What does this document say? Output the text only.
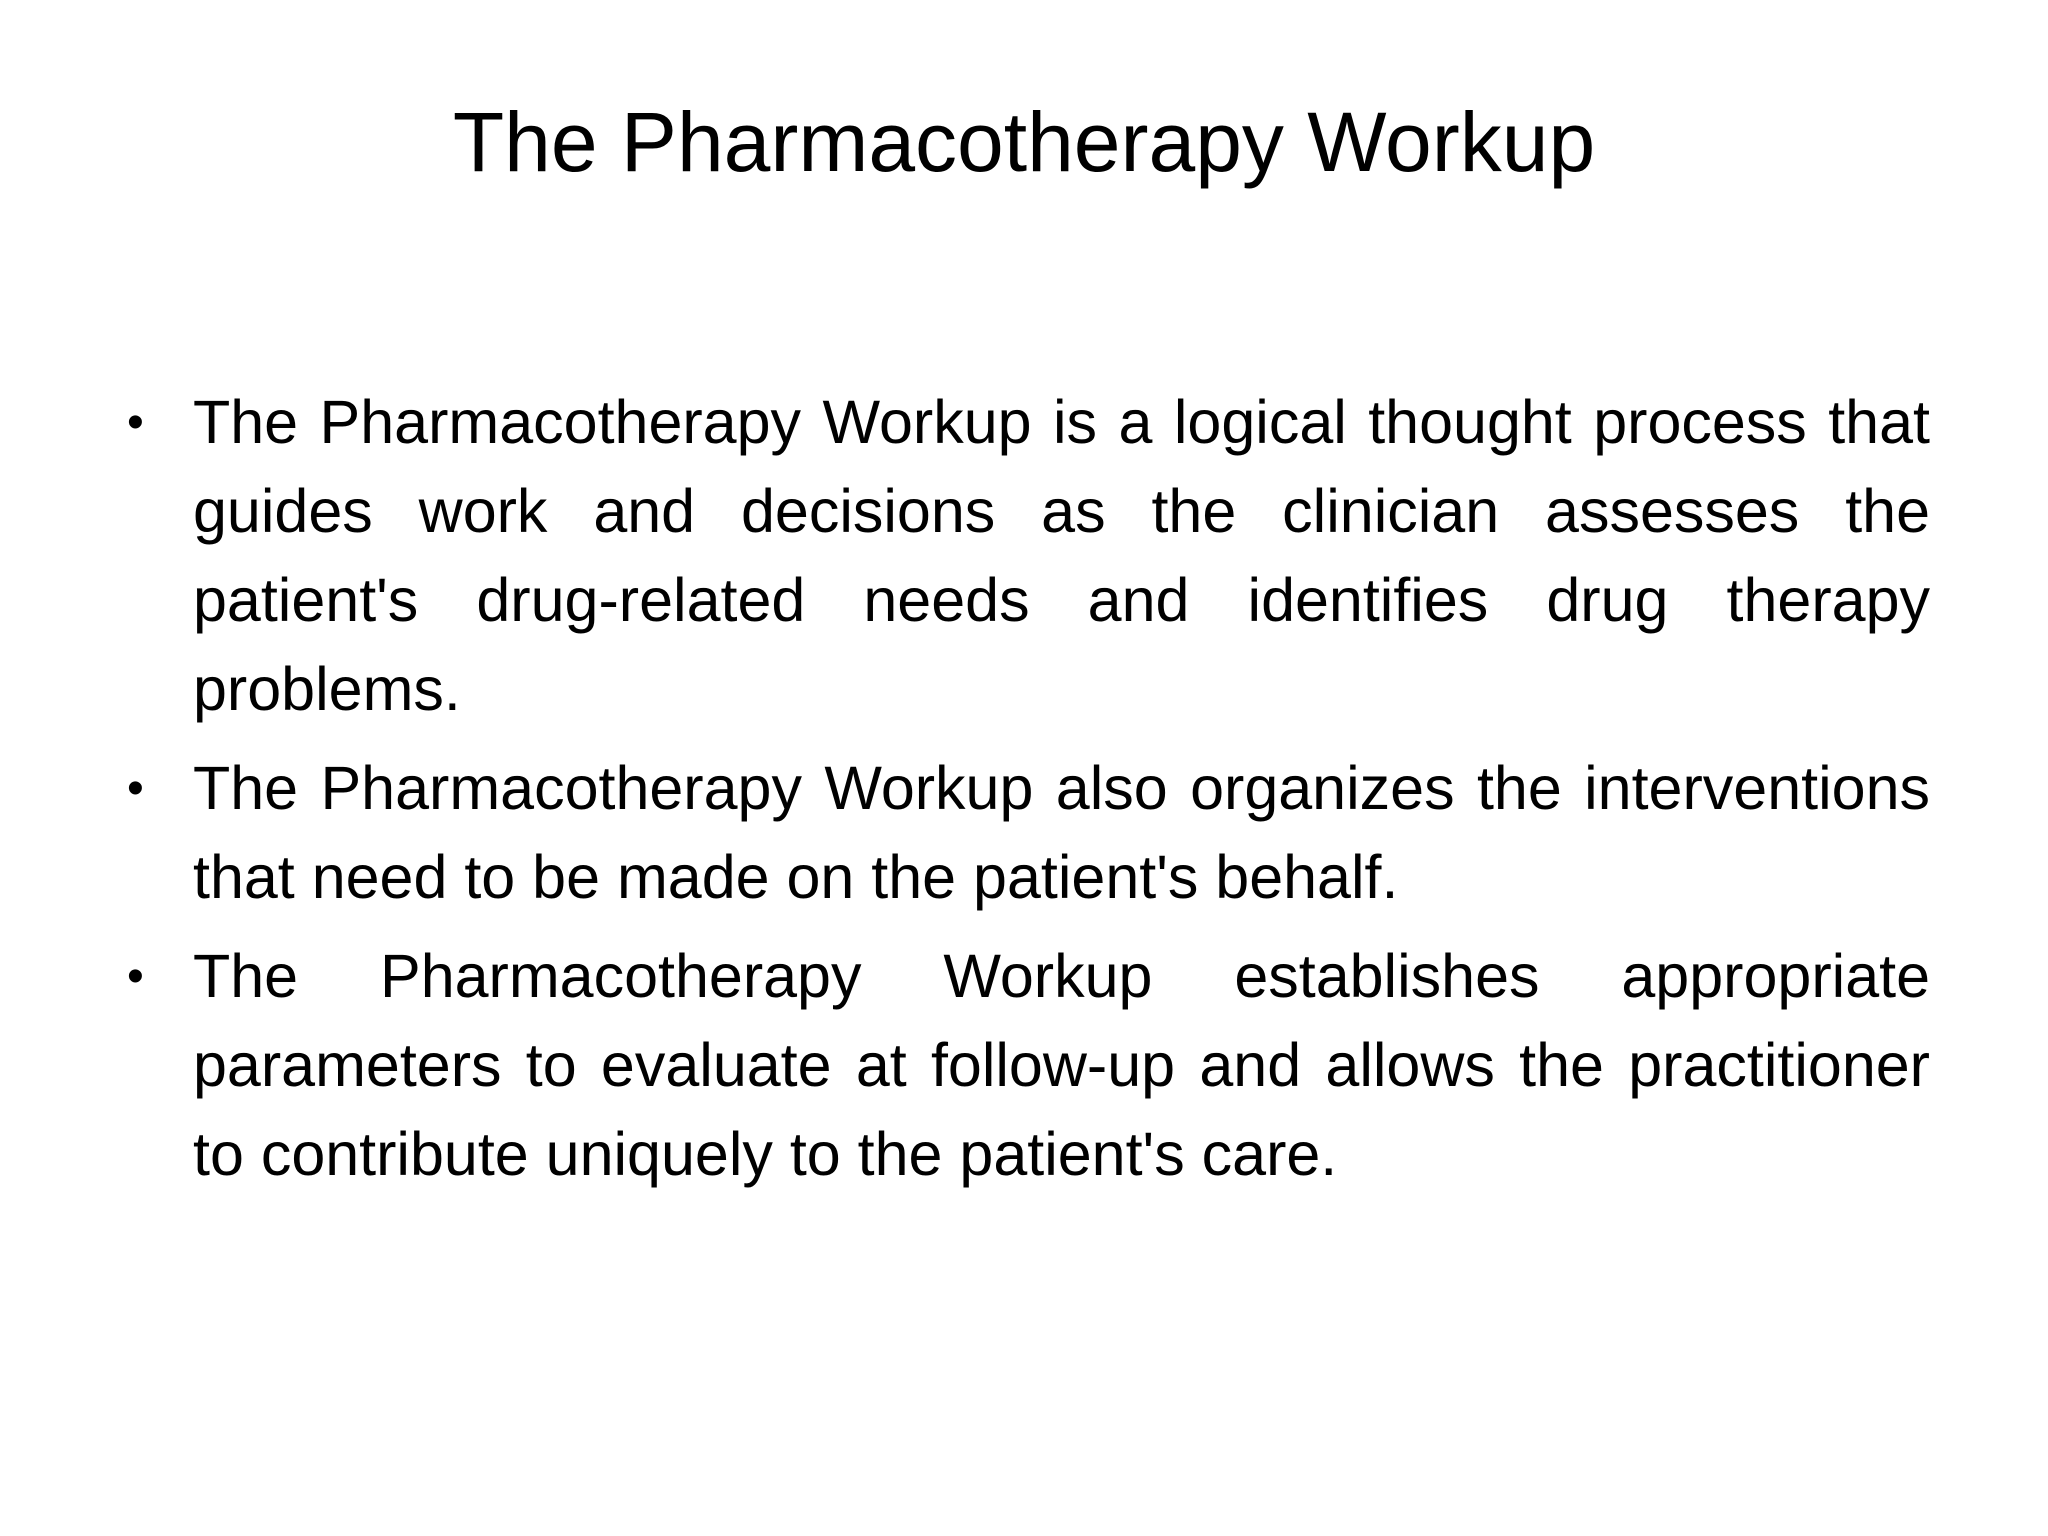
The Pharmacotherapy Workup
• The Pharmacotherapy Workup is a logical thought process that guides work and decisions as the clinician assesses the patient's drug-related needs and identifies drug therapy problems.
• The Pharmacotherapy Workup also organizes the interventions that need to be made on the patient's behalf.
• The Pharmacotherapy Workup establishes appropriate parameters to evaluate at follow-up and allows the practitioner to contribute uniquely to the patient's care.
